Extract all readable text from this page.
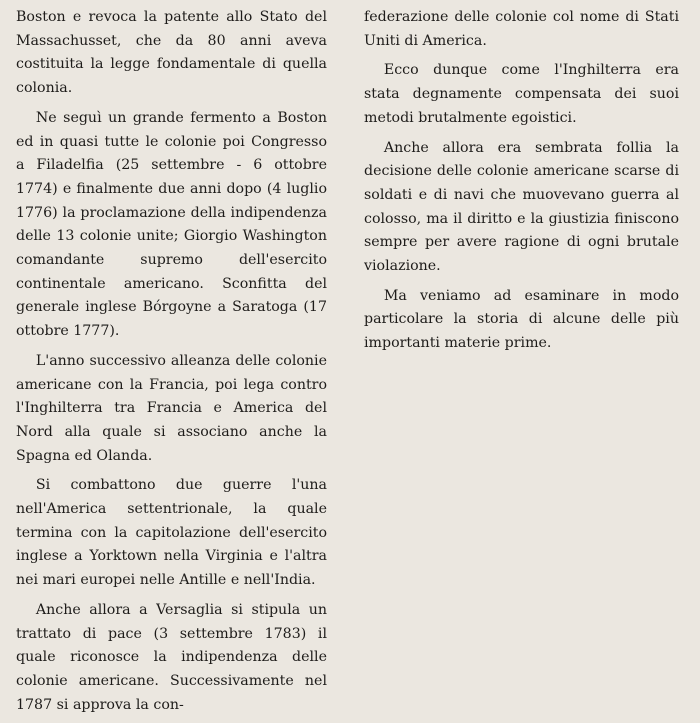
Boston e revoca la patente allo Stato del Massachusset, che da 80 anni aveva costituita la legge fondamentale di quella colonia.

Ne seguì un grande fermento a Boston ed in quasi tutte le colonie poi Congresso a Filadelfia (25 settembre - 6 ottobre 1774) e finalmente due anni dopo (4 luglio 1776) la proclamazione della indipendenza delle 13 colonie unite; Giorgio Washington comandante supremo dell'esercito continentale americano. Sconfitta del generale inglese Bórgoyne a Saratoga (17 ottobre 1777).

L'anno successivo alleanza delle colonie americane con la Francia, poi lega contro l'Inghilterra tra Francia e America del Nord alla quale si associano anche la Spagna ed Olanda.

Si combattono due guerre l'una nell'America settentrionale, la quale termina con la capitolazione dell'esercito inglese a Yorktown nella Virginia e l'altra nei mari europei nelle Antille e nell'India.

Anche allora a Versaglia si stipula un trattato di pace (3 settembre 1783) il quale riconosce la indipendenza delle colonie americane. Successivamente nel 1787 si approva la con-

federazione delle colonie col nome di Stati Uniti di America.

Ecco dunque come l'Inghilterra era stata degnamente compensata dei suoi metodi brutalmente egoistici.

Anche allora era sembrata follia la decisione delle colonie americane scarse di soldati e di navi che muovevano guerra al colosso, ma il diritto e la giustizia finiscono sempre per avere ragione di ogni brutale violazione.

Ma veniamo ad esaminare in modo particolare la storia di alcune delle più importanti materie prime.
